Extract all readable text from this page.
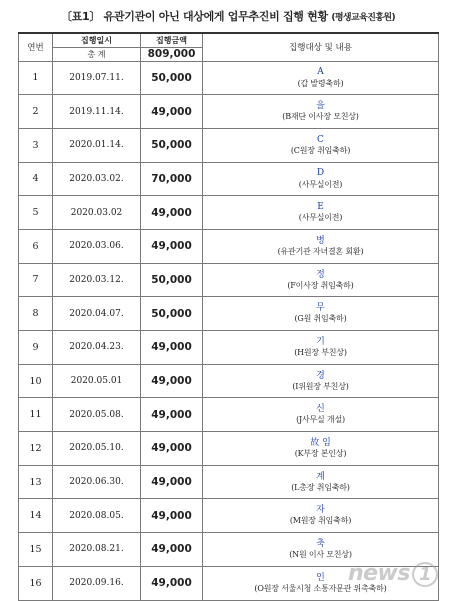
〔표1〕 유관기관이 아닌 대상에게 업무추진비 집행 현황 (평생교육진흥원)
연번	집행일시	집행금액	집행대상 및 내용
	총 계	809,000	
1	2019.07.11.	50,000	A
(갑 발령축하)

2	2019.11.14.	49,000	을
(B재단 이사장 모친상)

3	2020.01.14.	50,000	C
(C원장 취임축하)

4	2020.03.02.	70,000	D
(사무실이전)

5	2020.03.02	49,000	E
(사무실이전)

6	2020.03.06.	49,000	병
(유관기관 자녀결혼 회환)

7	2020.03.12.	50,000	정
(F이사장 취임축하)

8	2020.04.07.	50,000	무
(G원 취임축하)

9	2020.04.23.	49,000	기
(H원장 부친상)

10	2020.05.01	49,000	경
(I위원장 부친상)

11	2020.05.08.	49,000	신
(J사무실 개설)

12	2020.05.10.	49,000	故 임
(K부장 본인상)

13	2020.06.30.	49,000	계
(L총장 취임축하)

14	2020.08.05.	49,000	자
(M원장 취임축하)

15	2020.08.21.	49,000	축
(N원 이사 모친상)

16	2020.09.16.	49,000	인
(O원장 서울시청 소통자문관 위촉축하)
news 1
